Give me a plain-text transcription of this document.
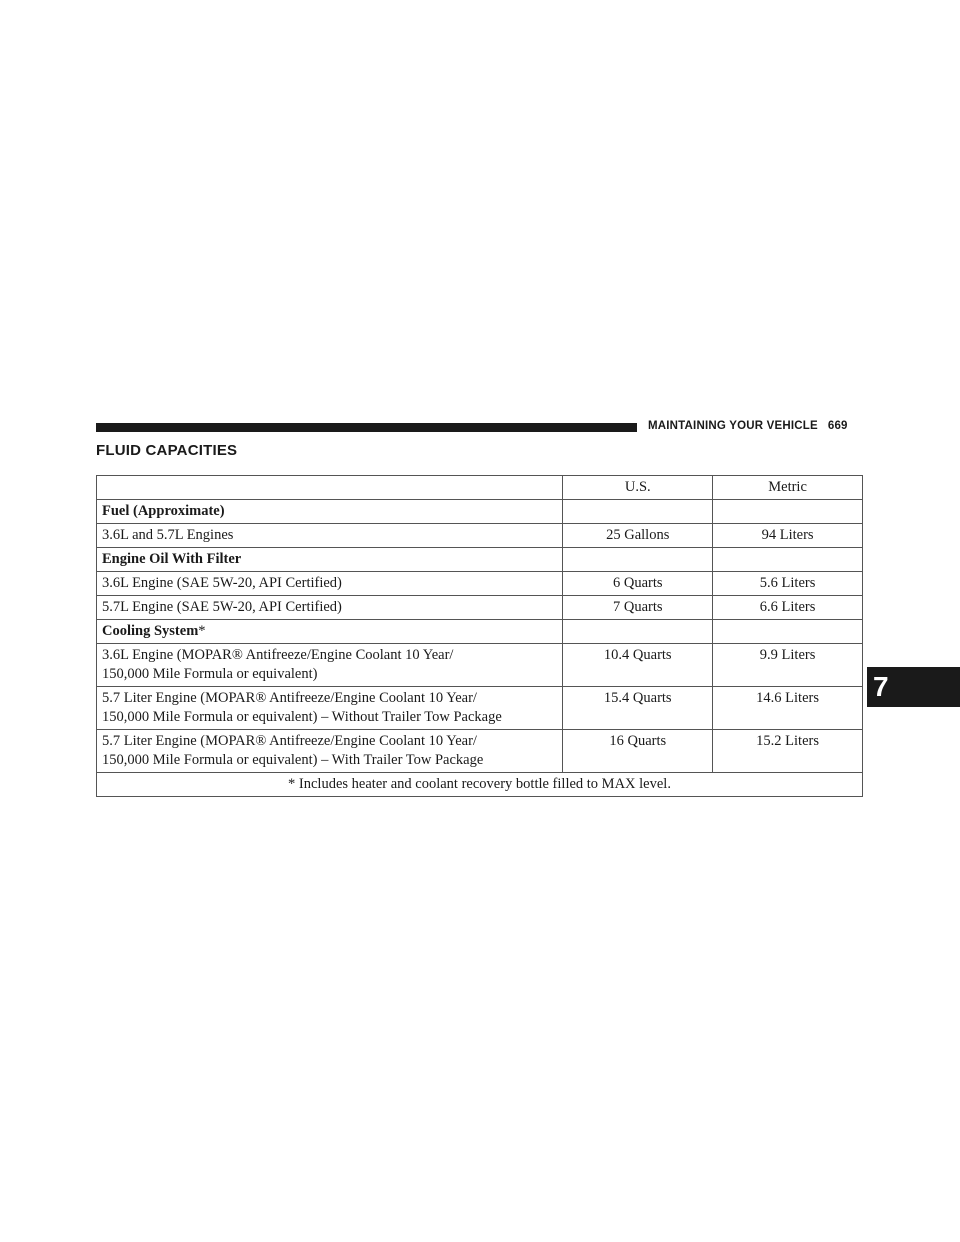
MAINTAINING YOUR VEHICLE 669
FLUID CAPACITIES
7
	U.S.	Metric
Fuel (Approximate)		
3.6L and 5.7L Engines	25 Gallons	94 Liters
Engine Oil With Filter		
3.6L Engine (SAE 5W-20, API Certified)	6 Quarts	5.6 Liters
5.7L Engine (SAE 5W-20, API Certified)	7 Quarts	6.6 Liters
Cooling System*		
3.6L Engine (MOPAR® Antifreeze/Engine Coolant 10 Year/
150,000 Mile Formula or equivalent)	10.4 Quarts	9.9 Liters
5.7 Liter Engine (MOPAR® Antifreeze/Engine Coolant 10 Year/
150,000 Mile Formula or equivalent) – Without Trailer Tow Package	15.4 Quarts	14.6 Liters
5.7 Liter Engine (MOPAR® Antifreeze/Engine Coolant 10 Year/
150,000 Mile Formula or equivalent) – With Trailer Tow Package	16 Quarts	15.2 Liters
* Includes heater and coolant recovery bottle filled to MAX level.		
